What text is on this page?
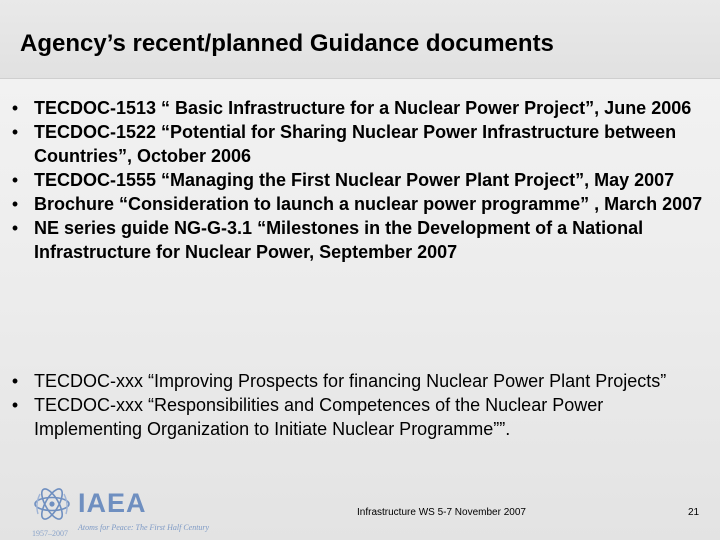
Agency’s recent/planned Guidance documents
• TECDOC-1513 “ Basic Infrastructure for a Nuclear Power Project”, June 2006
• TECDOC-1522 “Potential for Sharing Nuclear Power Infrastructure between Countries”, October 2006
• TECDOC-1555 “Managing the First Nuclear Power Plant Project”, May 2007
• Brochure “Consideration to launch a nuclear power programme” , March 2007
• NE series guide NG-G-3.1 “Milestones in the Development of a National Infrastructure for Nuclear Power, September 2007
• TECDOC-xxx “Improving Prospects for financing Nuclear Power Plant Projects”
• TECDOC-xxx “Responsibilities and Competences of the Nuclear Power Implementing Organization to Initiate Nuclear Programme””.
IAEA
Atoms for Peace: The First Half Century
1957–2007
Infrastructure WS 5-7 November 2007	21
